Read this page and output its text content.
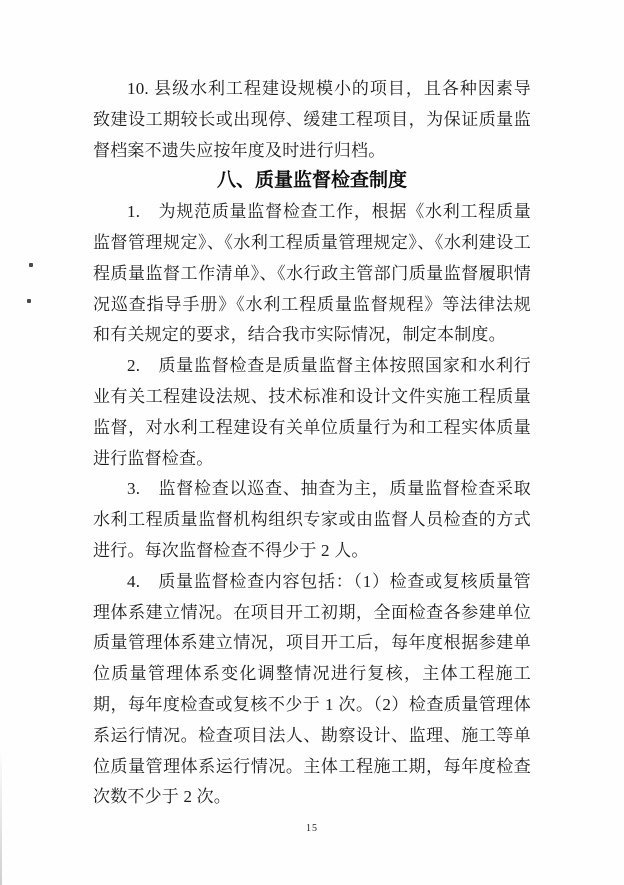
10. 县级水利工程建设规模小的项目，且各种因素导致建设工期较长或出现停、缓建工程项目，为保证质量监督档案不遗失应按年度及时进行归档。

八、质量监督检查制度

1.　为规范质量监督检查工作，根据《水利工程质量监督管理规定》、《水利工程质量管理规定》、《水利建设工程质量监督工作清单》、《水行政主管部门质量监督履职情况巡查指导手册》《水利工程质量监督规程》等法律法规和有关规定的要求，结合我市实际情况，制定本制度。

2.　质量监督检查是质量监督主体按照国家和水利行业有关工程建设法规、技术标准和设计文件实施工程质量监督，对水利工程建设有关单位质量行为和工程实体质量进行监督检查。

3.　监督检查以巡查、抽查为主，质量监督检查采取水利工程质量监督机构组织专家或由监督人员检查的方式进行。每次监督检查不得少于 2 人。

4.　质量监督检查内容包括：（1）检查或复核质量管理体系建立情况。在项目开工初期，全面检查各参建单位质量管理体系建立情况，项目开工后，每年度根据参建单位质量管理体系变化调整情况进行复核，主体工程施工期，每年度检查或复核不少于 1 次。（2）检查质量管理体系运行情况。检查项目法人、勘察设计、监理、施工等单位质量管理体系运行情况。主体工程施工期，每年度检查次数不少于 2 次。

15
